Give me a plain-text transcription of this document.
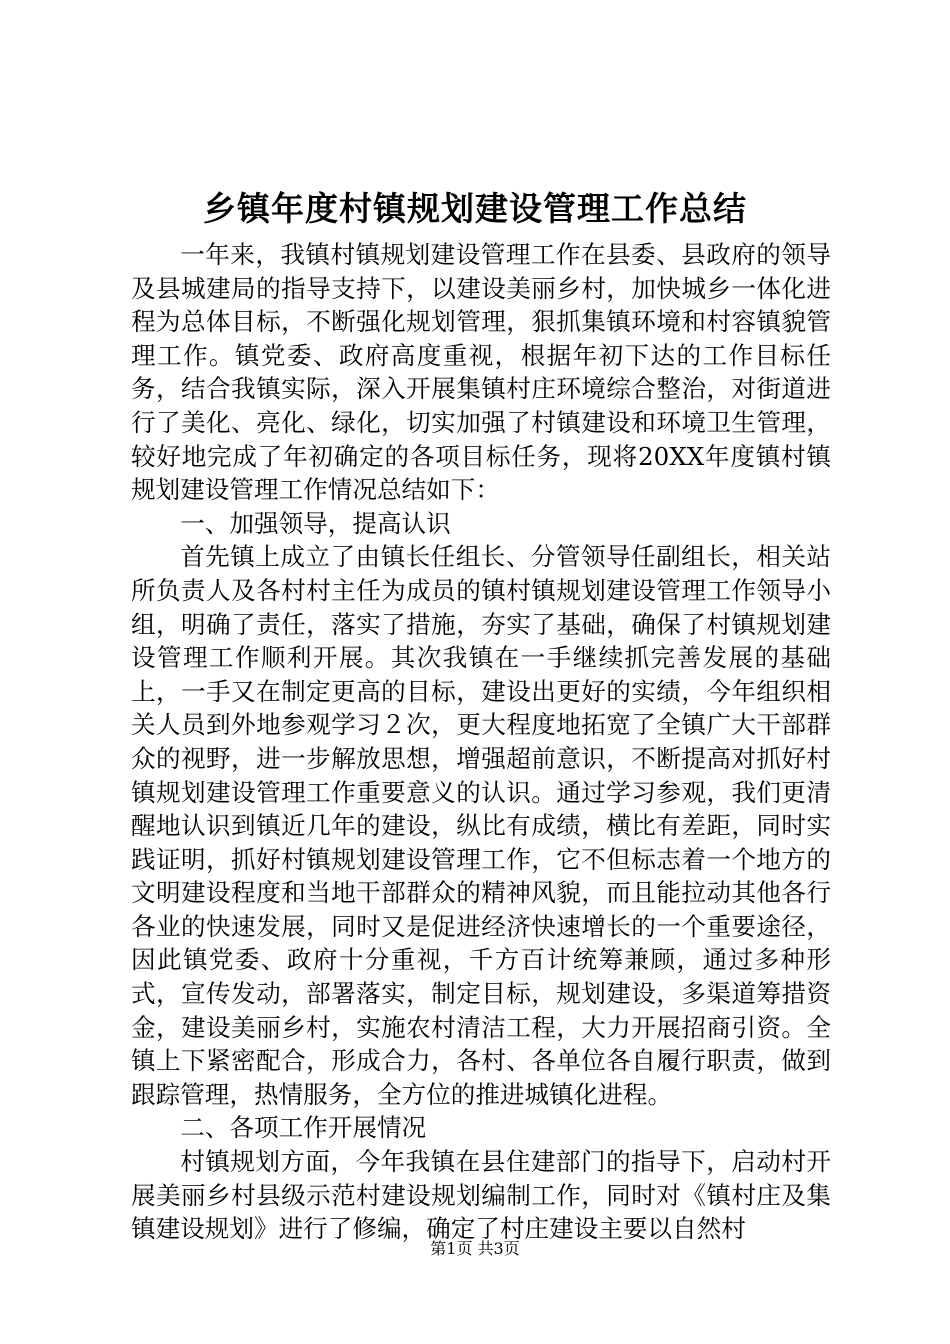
乡镇年度村镇规划建设管理工作总结

一年来，我镇村镇规划建设管理工作在县委、县政府的领导及县城建局的指导支持下，以建设美丽乡村，加快城乡一体化进程为总体目标，不断强化规划管理，狠抓集镇环境和村容镇貌管理工作。镇党委、政府高度重视，根据年初下达的工作目标任务，结合我镇实际，深入开展集镇村庄环境综合整治，对街道进行了美化、亮化、绿化，切实加强了村镇建设和环境卫生管理，较好地完成了年初确定的各项目标任务，现将20XX年度镇村镇规划建设管理工作情况总结如下：

一、加强领导，提高认识

首先镇上成立了由镇长任组长、分管领导任副组长，相关站所负责人及各村村主任为成员的镇村镇规划建设管理工作领导小组，明确了责任，落实了措施，夯实了基础，确保了村镇规划建设管理工作顺利开展。其次我镇在一手继续抓完善发展的基础上，一手又在制定更高的目标，建设出更好的实绩，今年组织相关人员到外地参观学习２次，更大程度地拓宽了全镇广大干部群众的视野，进一步解放思想，增强超前意识，不断提高对抓好村镇规划建设管理工作重要意义的认识。通过学习参观，我们更清醒地认识到镇近几年的建设，纵比有成绩，横比有差距，同时实践证明，抓好村镇规划建设管理工作，它不但标志着一个地方的文明建设程度和当地干部群众的精神风貌，而且能拉动其他各行各业的快速发展，同时又是促进经济快速增长的一个重要途径，因此镇党委、政府十分重视，千方百计统筹兼顾，通过多种形式，宣传发动，部署落实，制定目标，规划建设，多渠道筹措资金，建设美丽乡村，实施农村清洁工程，大力开展招商引资。全镇上下紧密配合，形成合力，各村、各单位各自履行职责，做到跟踪管理，热情服务，全方位的推进城镇化进程。

二、各项工作开展情况

村镇规划方面，今年我镇在县住建部门的指导下，启动村开展美丽乡村县级示范村建设规划编制工作，同时对《镇村庄及集镇建设规划》进行了修编，确定了村庄建设主要以自然村

第1页 共3页
